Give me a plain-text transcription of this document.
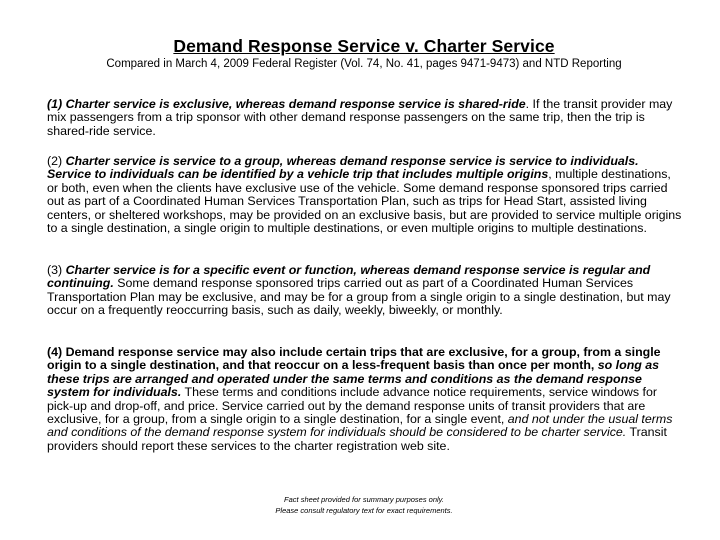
Demand Response Service v. Charter Service
Compared in March 4, 2009 Federal Register (Vol. 74, No. 41, pages 9471-9473) and NTD Reporting
(1) Charter service is exclusive, whereas demand response service is shared-ride. If the transit provider may mix passengers from a trip sponsor with other demand response passengers on the same trip, then the trip is shared-ride service.
(2) Charter service is service to a group, whereas demand response service is service to individuals. Service to individuals can be identified by a vehicle trip that includes multiple origins, multiple destinations, or both, even when the clients have exclusive use of the vehicle. Some demand response sponsored trips carried out as part of a Coordinated Human Services Transportation Plan, such as trips for Head Start, assisted living centers, or sheltered workshops, may be provided on an exclusive basis, but are provided to service multiple origins to a single destination, a single origin to multiple destinations, or even multiple origins to multiple destinations.
(3) Charter service is for a specific event or function, whereas demand response service is regular and continuing. Some demand response sponsored trips carried out as part of a Coordinated Human Services Transportation Plan may be exclusive, and may be for a group from a single origin to a single destination, but may occur on a frequently reoccurring basis, such as daily, weekly, biweekly, or monthly.
(4) Demand response service may also include certain trips that are exclusive, for a group, from a single origin to a single destination, and that reoccur on a less-frequent basis than once per month, so long as these trips are arranged and operated under the same terms and conditions as the demand response system for individuals. These terms and conditions include advance notice requirements, service windows for pick-up and drop-off, and price. Service carried out by the demand response units of transit providers that are exclusive, for a group, from a single origin to a single destination, for a single event, and not under the usual terms and conditions of the demand response system for individuals should be considered to be charter service. Transit providers should report these services to the charter registration web site.
Fact sheet provided for summary purposes only.
Please consult regulatory text for exact requirements.
